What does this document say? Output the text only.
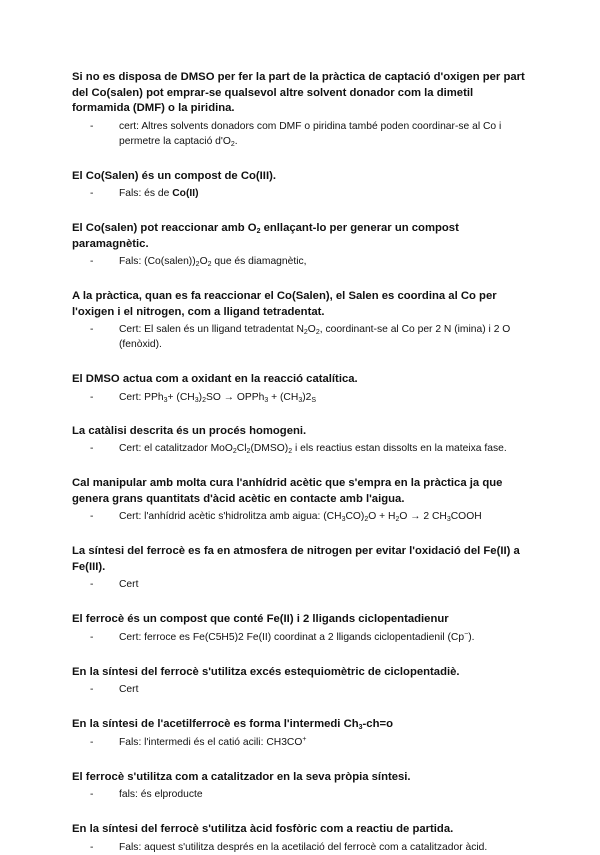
Si no es disposa de DMSO per fer la part de la pràctica de captació d'oxigen per part del Co(salen) pot emprar-se qualsevol altre solvent donador com la dimetil formamida (DMF) o la piridina.

-	cert: Altres solvents donadors com DMF o piridina també poden coordinar-se al Co i permetre la captació $d'O_2$.

El Co(Salen) és un compost de Co(III).

-	Fals: és de Co(II)

El Co(salen) pot reaccionar amb $O_2$ enllaçant-lo per generar un compost paramagnètic.

-	Fals: $(Co(salen))_2O_2$ que és diamagnètic,

A la pràctica, quan es fa reaccionar el Co(Salen), el Salen es coordina al Co per l'oxigen i el nitrogen, com a lligand tetradentat.

-	Cert: El salen és un lligand tetradentat $N_2O_2$, coordinant-se al Co per 2 N (imina) i 2 O (fenòxid).

El DMSO actua com a oxidant en la reacció catalítica.

-	Cert: $PPh_3+ (CH_3)_2SO$ → OPPh$_3$ + $(CH_3)2_S$

La catàlisi descrita és un procés homogeni.

-	Cert: el catalitzador $MoO_2Cl_2(DMSO)_2$ i els reactius estan dissolts en la mateixa fase.

Cal manipular amb molta cura l'anhídrid acètic que s'empra en la pràctica ja que genera grans quantitats d'àcid acètic en contacte amb l'aigua.

-	Cert: l'anhídrid acètic s'hidrolitza amb aigua: $(CH_3CO)_2O + H_2O \to 2$ $CH_3COOH$

La síntesi del ferrocè es fa en atmosfera de nitrogen per evitar l'oxidació del Fe(II) a Fe(III).

-	Cert

El ferrocè és un compost que conté Fe(II) i 2 lligands ciclopentadienur

-	Cert: ferroce es Fe(C5H5)2 Fe(II) coordinat a 2 lligands ciclopentadienil (Cp−).

En la síntesi del ferrocè s'utilitza excés estequiomètric de ciclopentadiè.

-	Cert

En la síntesi de l'acetilferrocè es forma l'intermedi $Ch_3-ch=o$

-	Fals: l'intermedi és el catió acili: CH3CO+

El ferrocè s'utilitza com a catalitzador en la seva pròpia síntesi.

-	fals: és elproducte

En la síntesi del ferrocè s'utilitza àcid fosfòric com a reactiu de partida.

-	Fals: aquest s'utilitza després en la acetilació del ferrocè com a catalitzador àcid.
